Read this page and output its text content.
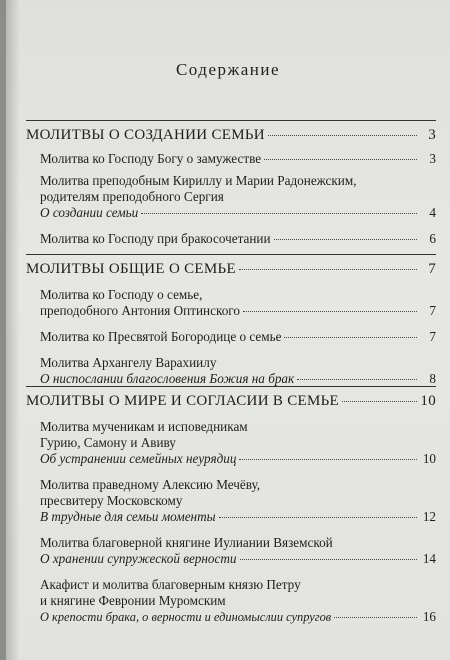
Содержание
МОЛИТВЫ О СОЗДАНИИ СЕМЬИ	3
Молитва ко Господу Богу о замужестве	3
Молитва преподобным Кириллу и Марии Радонежским,
родителям преподобного Сергия
О создании семьи	4
Молитва ко Господу при бракосочетании	6
МОЛИТВЫ ОБЩИЕ О СЕМЬЕ	7
Молитва ко Господу о семье,
преподобного Антония Оптинского	7
Молитва ко Пресвятой Богородице о семье	7
Молитва Архангелу Варахиилу
О ниспослании благословения Божия на брак	8
МОЛИТВЫ О МИРЕ И СОГЛАСИИ В СЕМЬЕ	10
Молитва мученикам и исповедникам
Гурию, Самону и Авиву
Об устранении семейных неурядиц	10
Молитва праведному Алексию Мечёву,
пресвитеру Московскому
В трудные для семьи моменты	12
Молитва благоверной княгине Иулиании Вяземской
О хранении супружеской верности	14
Акафист и молитва благоверным князю Петру
и княгине Февронии Муромским
О крепости брака, о верности и единомыслии супругов	16
